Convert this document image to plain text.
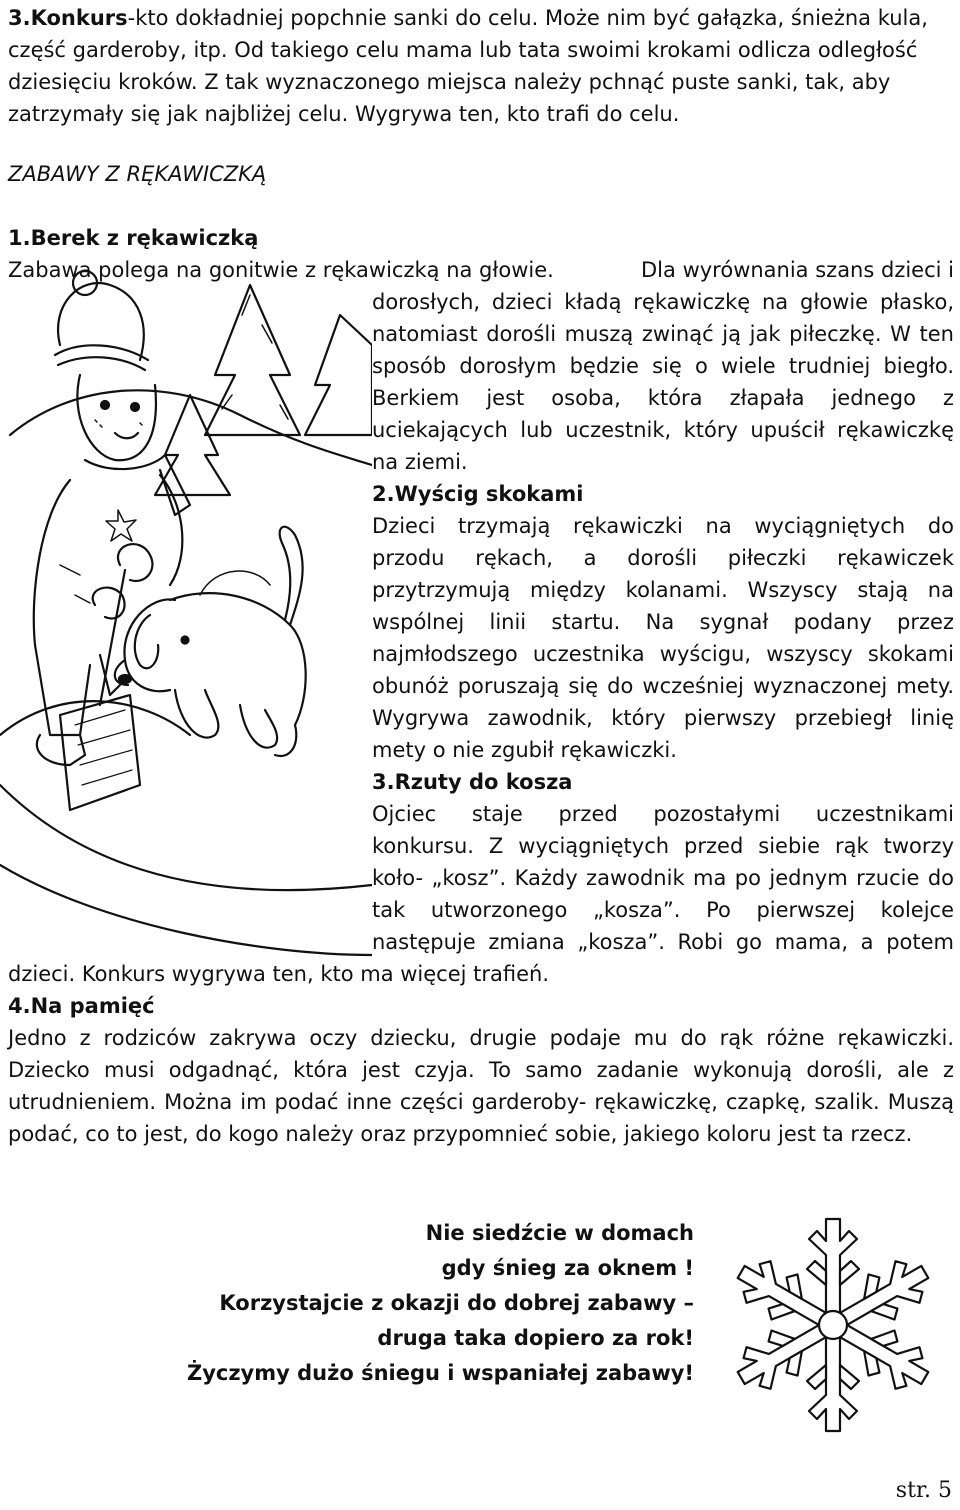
3.Konkurs-kto dokładniej popchnie sanki do celu. Może nim być gałązka, śnieżna kula,
część garderoby, itp. Od takiego celu mama lub tata swoimi krokami odlicza odległość
dziesięciu kroków. Z tak wyznaczonego miejsca należy pchnąć puste sanki, tak, aby
zatrzymały się jak najbliżej celu. Wygrywa ten, kto trafi do celu.
ZABAWY Z RĘKAWICZKĄ
1.Berek z rękawiczką
Zabawa polega na gonitwie z rękawiczką na głowie.	Dla wyrównania szans dzieci i
dorosłych, dzieci kładą rękawiczkę na głowie płasko,
natomiast dorośli muszą zwinąć ją jak piłeczkę. W ten
sposób dorosłym będzie się o wiele trudniej biegło.
Berkiem jest osoba, która złapała jednego z
uciekających lub uczestnik, który upuścił rękawiczkę
na ziemi.
2.Wyścig skokami
Dzieci trzymają rękawiczki na wyciągniętych do
przodu rękach, a dorośli piłeczki rękawiczek
przytrzymują między kolanami. Wszyscy stają na
wspólnej linii startu. Na sygnał podany przez
najmłodszego uczestnika wyścigu, wszyscy skokami
obunóż poruszają się do wcześniej wyznaczonej mety.
Wygrywa zawodnik, który pierwszy przebiegł linię
mety o nie zgubił rękawiczki.
3.Rzuty do kosza
Ojciec staje przed pozostałymi uczestnikami
konkursu. Z wyciągniętych przed siebie rąk tworzy
koło- „kosz”. Każdy zawodnik ma po jednym rzucie do
tak utworzonego „kosza”. Po pierwszej kolejce
następuje zmiana „kosza”. Robi go mama, a potem
dzieci. Konkurs wygrywa ten, kto ma więcej trafień.
4.Na pamięć
Jedno z rodziców zakrywa oczy dziecku, drugie podaje mu do rąk różne rękawiczki.
Dziecko musi odgadnąć, która jest czyja. To samo zadanie wykonują dorośli, ale z
utrudnieniem. Można im podać inne części garderoby- rękawiczkę, czapkę, szalik. Muszą
podać, co to jest, do kogo należy oraz przypomnieć sobie, jakiego koloru jest ta rzecz.
Nie siedźcie w domach
gdy śnieg za oknem !
Korzystajcie z okazji do dobrej zabawy –
druga taka dopiero za rok!
Życzymy dużo śniegu i wspaniałej zabawy!
str. 5
